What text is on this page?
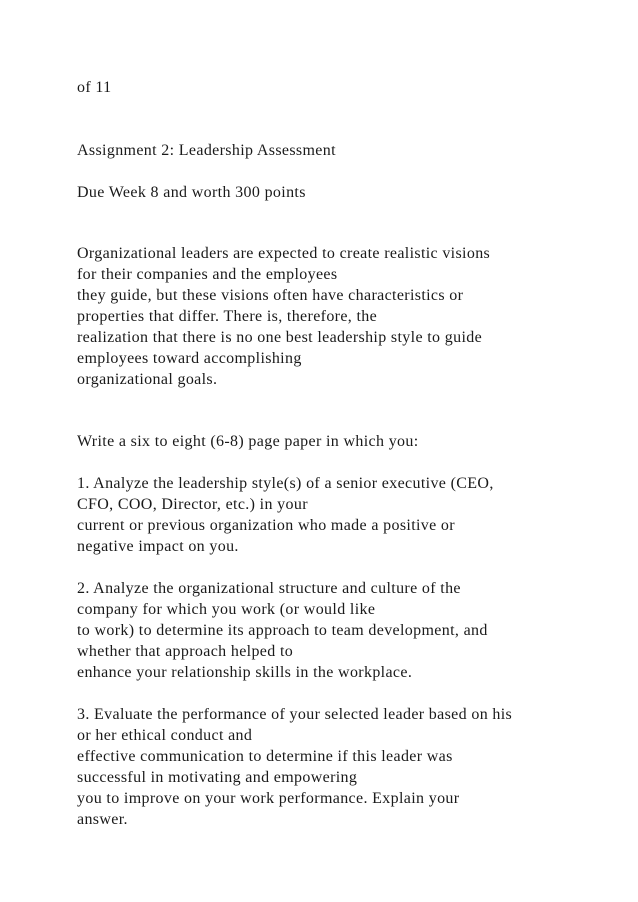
of 11

Assignment 2: Leadership Assessment

Due Week 8 and worth 300 points

Organizational leaders are expected to create realistic visions

for their companies and the employees

they guide, but these visions often have characteristics or

properties that differ. There is, therefore, the

realization that there is no one best leadership style to guide

employees toward accomplishing

organizational goals.

Write a six to eight (6-8) page paper in which you:

1. Analyze the leadership style(s) of a senior executive (CEO,

CFO, COO, Director, etc.) in your

current or previous organization who made a positive or

negative impact on you.

2. Analyze the organizational structure and culture of the

company for which you work (or would like

to work) to determine its approach to team development, and

whether that approach helped to

enhance your relationship skills in the workplace.

3. Evaluate the performance of your selected leader based on his

or her ethical conduct and

effective communication to determine if this leader was

successful in motivating and empowering

you to improve on your work performance. Explain your

answer.
